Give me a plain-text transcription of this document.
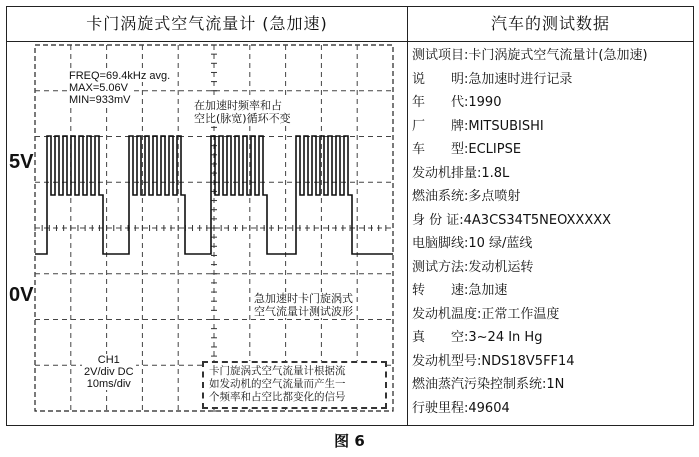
卡门涡旋式空气流量计 (急加速)	汽车的测试数据
5V
0V
FREQ=69.4kHz avg.
MAX=5.06V
MIN=933mV	在加速时频率和占
空比(脉宽)循环不变
急加速时卡门旋涡式
空气流量计测试波形
CH1
2V/div DC
10ms/div
卡门旋涡式空气流量计根据流
如发动机的空气流量而产生一
个频率和占空比都变化的信号
测试项目:卡门涡旋式空气流量计(急加速)
说　　明:急加速时进行记录
年　　代:1990
厂　　牌:MITSUBISHI
车　　型:ECLIPSE
发动机排量:1.8L
燃油系统:多点喷射
身 份 证:4A3CS34T5NEOXXXXX
电脑脚线:10 绿/蓝线
测试方法:发动机运转
转　　速:急加速
发动机温度:正常工作温度
真　　空:3~24 In Hg
发动机型号:NDS18V5FF14
燃油蒸汽污染控制系统:1N
行驶里程:49604
图 6
